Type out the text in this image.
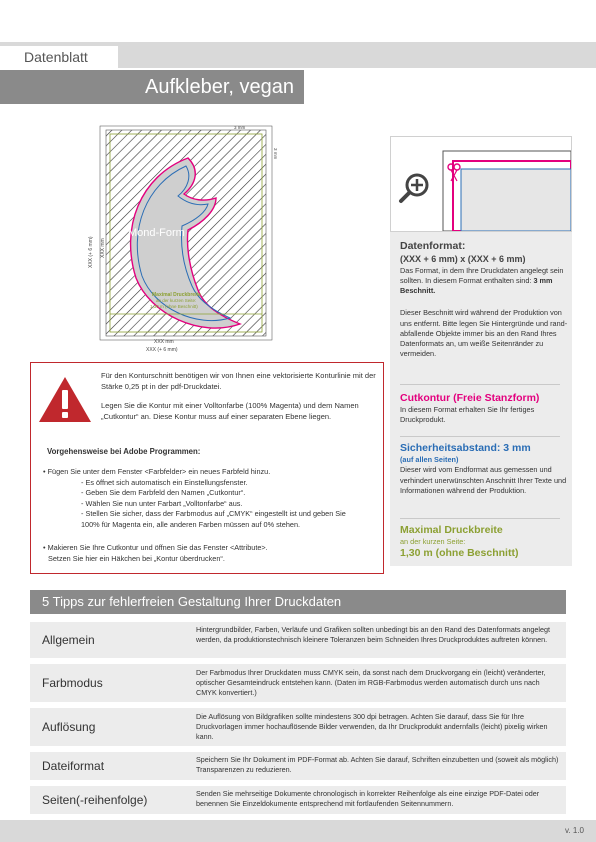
Datenblatt
Aufkleber, vegan
Mond-Form
3 mm
3 mm
XXX (+ 6 mm) XXX mm
XXX mm
XXX (+ 6 mm)
Maximal Druckbreite
an der kurzen Seite:
1,30 m (ohne Beschnitt)
Datenformat:
(XXX + 6 mm) x (XXX + 6 mm)
Das Format, in dem Ihre Druckdaten angelegt sein sollten. In diesem Format enthalten sind: 3 mm Beschnitt.
Dieser Beschnitt wird während der Produktion von uns entfernt. Bitte legen Sie Hintergründe und rand-abfallende Objekte immer bis an den Rand Ihres Datenformats an, um weiße Seitenränder zu vermeiden.
Cutkontur (Freie Stanzform)
In diesem Format erhalten Sie Ihr fertiges Druckprodukt.
Sicherheitsabstand: 3 mm
(auf allen Seiten)
Dieser wird vom Endformat aus gemessen und verhindert unerwünschten Anschnitt Ihrer Texte und Informationen während der Produktion.
Maximal Druckbreite
an der kurzen Seite:
1,30 m (ohne Beschnitt)
Für den Konturschnitt benötigen wir von Ihnen eine vektorisierte Konturlinie mit der Stärke 0,25 pt in der pdf-Druckdatei.
Legen Sie die Kontur mit einer Volltonfarbe (100% Magenta) und dem Namen „Cutkontur“ an. Diese Kontur muss auf einer separaten Ebene liegen.
Vorgehensweise bei Adobe Programmen:
• Fügen Sie unter dem Fenster <Farbfelder> ein neues Farbfeld hinzu.
- Es öffnet sich automatisch ein Einstellungsfenster.
- Geben Sie dem Farbfeld den Namen „Cutkontur“.
- Wählen Sie nun unter Farbart „Volltonfarbe“ aus.
- Stellen Sie sicher, dass der Farbmodus auf „CMYK“ eingestellt ist und geben Sie
100% für Magenta ein, alle anderen Farben müssen auf 0% stehen.
• Makieren Sie Ihre Cutkontur und öffnen Sie das Fenster <Attribute>.
Setzen Sie hier ein Häkchen bei „Kontur überdrucken“.
5 Tipps zur fehlerfreien Gestaltung Ihrer Druckdaten
Allgemein
Hintergrundbilder, Farben, Verläufe und Grafiken sollten unbedingt bis an den Rand des Datenformats angelegt werden, da produktionstechnisch kleinere Toleranzen beim Schneiden Ihres Druckproduktes auftreten können.
Farbmodus
Der Farbmodus Ihrer Druckdaten muss CMYK sein, da sonst nach dem Druckvorgang ein (leicht) veränderter, optischer Gesamteindruck entstehen kann. (Daten im RGB-Farbmodus werden automatisch durch uns nach CMYK konvertiert.)
Auflösung
Die Auflösung von Bildgrafiken sollte mindestens 300 dpi betragen. Achten Sie darauf, dass Sie für Ihre Druckvorlagen immer hochauflösende Bilder verwenden, da Ihr Druckprodukt andernfalls (leicht) pixelig wirken kann.
Dateiformat	Speichern Sie Ihr Dokument im PDF-Format ab. Achten Sie darauf, Schriften einzubetten und (soweit als möglich) Transparenzen zu reduzieren.
Seiten(-reihenfolge)	Senden Sie mehrseitige Dokumente chronologisch in korrekter Reihenfolge als eine einzige PDF-Datei oder benennen Sie Einzeldokumente entsprechend mit fortlaufenden Seitennummern.
v. 1.0
